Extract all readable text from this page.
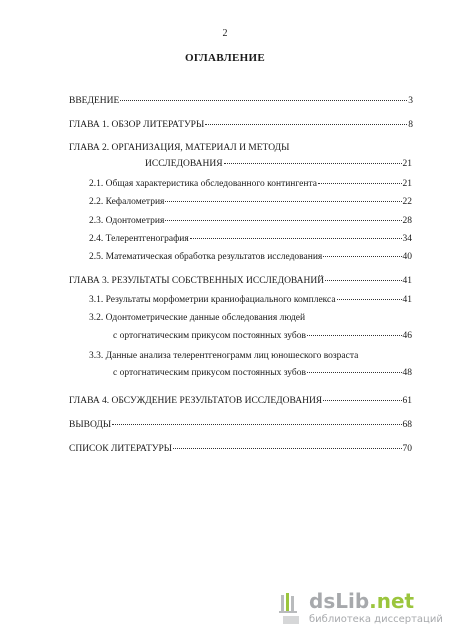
2
ОГЛАВЛЕНИЕ
ВВЕДЕНИЕ	3
ГЛАВА 1. ОБЗОР ЛИТЕРАТУРЫ	8
ГЛАВА 2. ОРГАНИЗАЦИЯ, МАТЕРИАЛ И МЕТОДЫ
ИССЛЕДОВАНИЯ	21
2.1. Общая характеристика обследованного контингента	21
2.2. Кефалометрия	22
2.3. Одонтометрия	28
2.4. Телерентгенография	34
2.5. Математическая обработка результатов исследования	40
ГЛАВА 3. РЕЗУЛЬТАТЫ СОБСТВЕННЫХ ИССЛЕДОВАНИЙ	41
3.1. Результаты морфометрии краниофациального комплекса	41
3.2. Одонтометрические данные обследования людей
с ортогнатическим прикусом постоянных зубов	46
3.3. Данные анализа телерентгенограмм лиц юношеского возраста
с ортогнатическим прикусом постоянных зубов	48
ГЛАВА 4. ОБСУЖДЕНИЕ РЕЗУЛЬТАТОВ ИССЛЕДОВАНИЯ	61
ВЫВОДЫ	68
СПИСОК ЛИТЕРАТУРЫ	70
dsLib.net
библиотека диссертаций
